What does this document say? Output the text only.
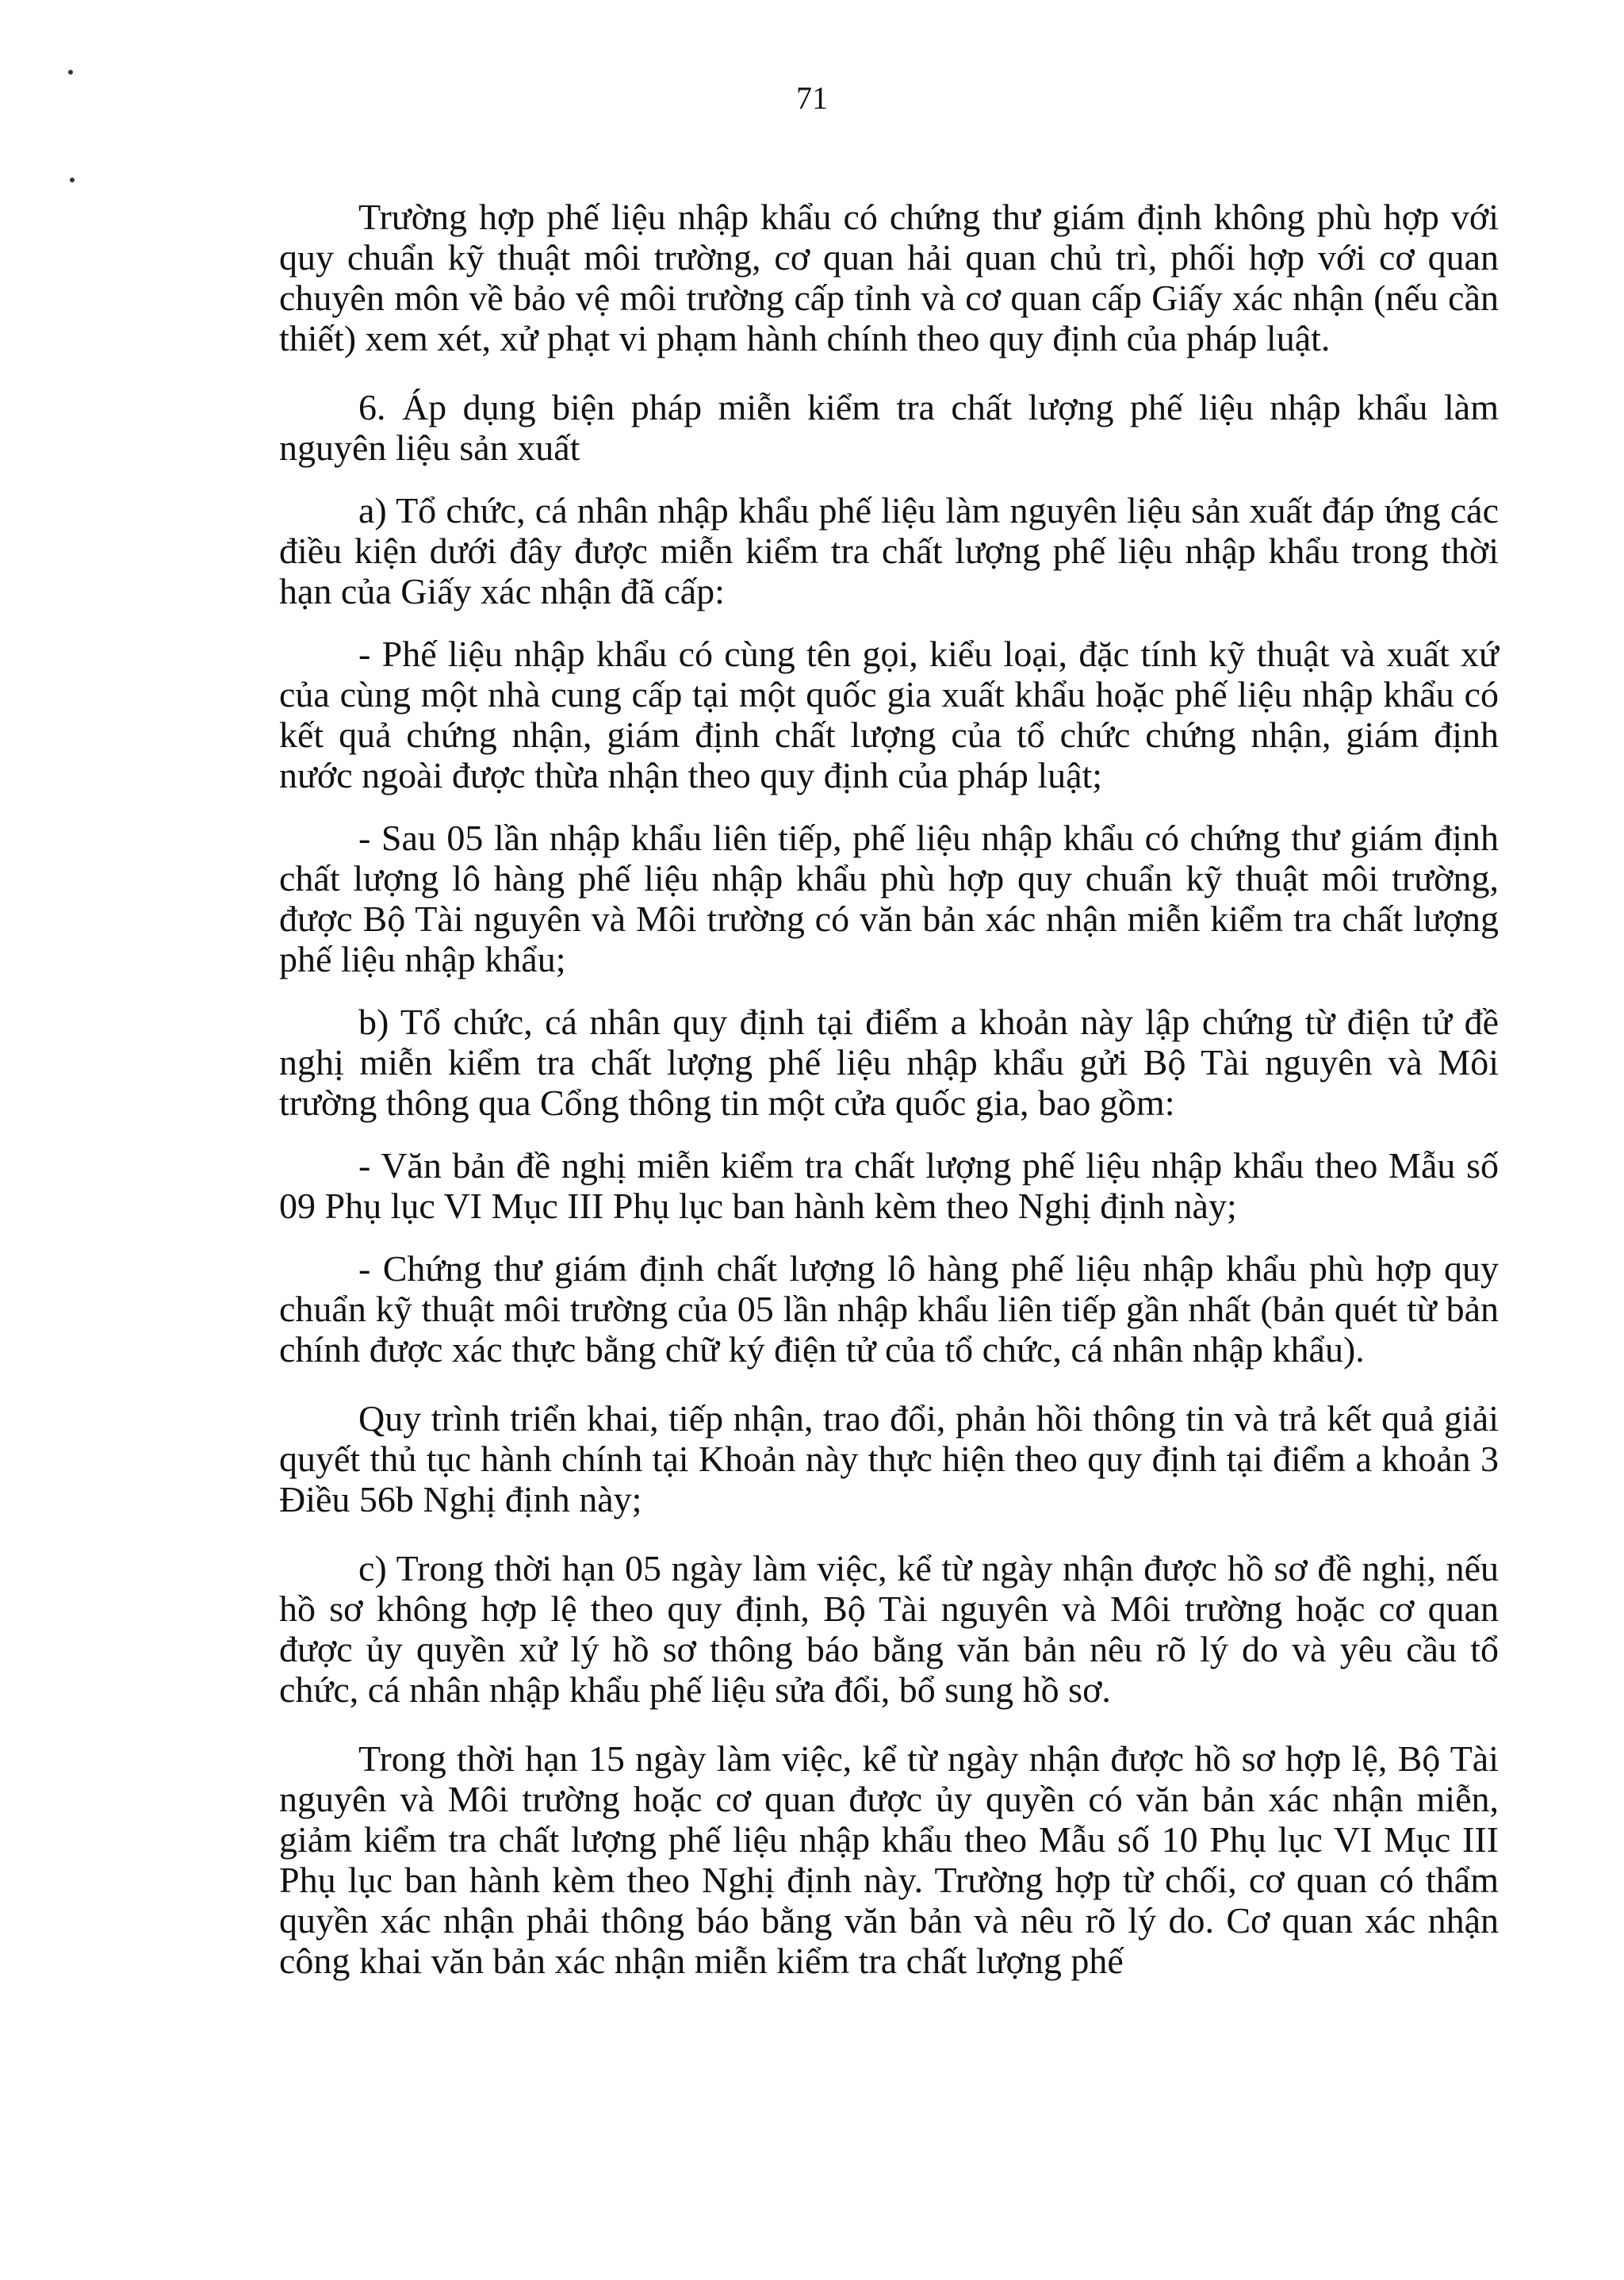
71

Trường hợp phế liệu nhập khẩu có chứng thư giám định không phù hợp với quy chuẩn kỹ thuật môi trường, cơ quan hải quan chủ trì, phối hợp với cơ quan chuyên môn về bảo vệ môi trường cấp tỉnh và cơ quan cấp Giấy xác nhận (nếu cần thiết) xem xét, xử phạt vi phạm hành chính theo quy định của pháp luật.

6. Áp dụng biện pháp miễn kiểm tra chất lượng phế liệu nhập khẩu làm nguyên liệu sản xuất

a) Tổ chức, cá nhân nhập khẩu phế liệu làm nguyên liệu sản xuất đáp ứng các điều kiện dưới đây được miễn kiểm tra chất lượng phế liệu nhập khẩu trong thời hạn của Giấy xác nhận đã cấp:

- Phế liệu nhập khẩu có cùng tên gọi, kiểu loại, đặc tính kỹ thuật và xuất xứ của cùng một nhà cung cấp tại một quốc gia xuất khẩu hoặc phế liệu nhập khẩu có kết quả chứng nhận, giám định chất lượng của tổ chức chứng nhận, giám định nước ngoài được thừa nhận theo quy định của pháp luật;

- Sau 05 lần nhập khẩu liên tiếp, phế liệu nhập khẩu có chứng thư giám định chất lượng lô hàng phế liệu nhập khẩu phù hợp quy chuẩn kỹ thuật môi trường, được Bộ Tài nguyên và Môi trường có văn bản xác nhận miễn kiểm tra chất lượng phế liệu nhập khẩu;

b) Tổ chức, cá nhân quy định tại điểm a khoản này lập chứng từ điện tử đề nghị miễn kiểm tra chất lượng phế liệu nhập khẩu gửi Bộ Tài nguyên và Môi trường thông qua Cổng thông tin một cửa quốc gia, bao gồm:

- Văn bản đề nghị miễn kiểm tra chất lượng phế liệu nhập khẩu theo Mẫu số 09 Phụ lục VI Mục III Phụ lục ban hành kèm theo Nghị định này;

- Chứng thư giám định chất lượng lô hàng phế liệu nhập khẩu phù hợp quy chuẩn kỹ thuật môi trường của 05 lần nhập khẩu liên tiếp gần nhất (bản quét từ bản chính được xác thực bằng chữ ký điện tử của tổ chức, cá nhân nhập khẩu).

Quy trình triển khai, tiếp nhận, trao đổi, phản hồi thông tin và trả kết quả giải quyết thủ tục hành chính tại Khoản này thực hiện theo quy định tại điểm a khoản 3 Điều 56b Nghị định này;

c) Trong thời hạn 05 ngày làm việc, kể từ ngày nhận được hồ sơ đề nghị, nếu hồ sơ không hợp lệ theo quy định, Bộ Tài nguyên và Môi trường hoặc cơ quan được ủy quyền xử lý hồ sơ thông báo bằng văn bản nêu rõ lý do và yêu cầu tổ chức, cá nhân nhập khẩu phế liệu sửa đổi, bổ sung hồ sơ.

Trong thời hạn 15 ngày làm việc, kể từ ngày nhận được hồ sơ hợp lệ, Bộ Tài nguyên và Môi trường hoặc cơ quan được ủy quyền có văn bản xác nhận miễn, giảm kiểm tra chất lượng phế liệu nhập khẩu theo Mẫu số 10 Phụ lục VI Mục III Phụ lục ban hành kèm theo Nghị định này. Trường hợp từ chối, cơ quan có thẩm quyền xác nhận phải thông báo bằng văn bản và nêu rõ lý do. Cơ quan xác nhận công khai văn bản xác nhận miễn kiểm tra chất lượng phế
